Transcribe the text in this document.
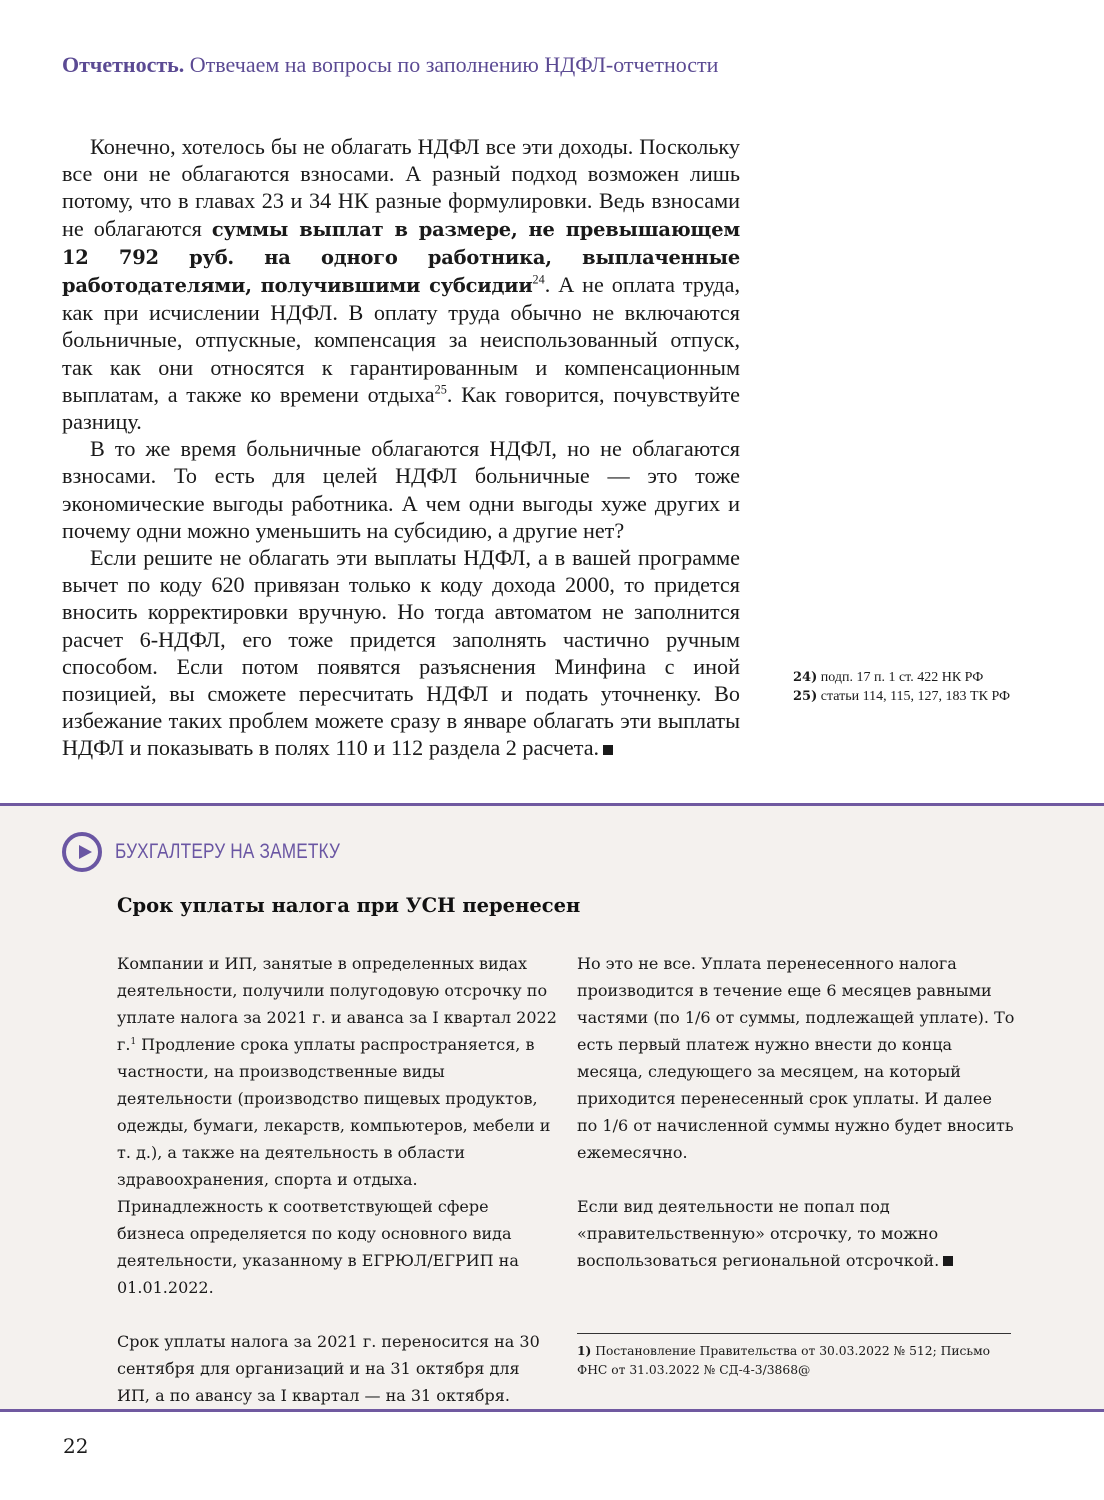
Отчетность. Отвечаем на вопросы по заполнению НДФЛ-отчетности

Конечно, хотелось бы не облагать НДФЛ все эти доходы. Поскольку все они не облагаются взносами. А разный подход возможен лишь потому, что в главах 23 и 34 НК разные формулировки. Ведь взносами не облагаются суммы выплат в размере, не превышающем 12 792 руб. на одного работника, выплаченные работодателями, получившими субсидии$^{24}$. А не оплата труда, как при исчислении НДФЛ. В оплату труда обычно не включаются больничные, отпускные, компенсация за неиспользованный отпуск, так как они относятся к гарантированным и компенсационным выплатам, а также ко времени отдыха$^{25}$. Как говорится, почувствуйте разницу.

В то же время больничные облагаются НДФЛ, но не облагаются взносами. То есть для целей НДФЛ больничные — это тоже экономические выгоды работника. А чем одни выгоды хуже других и почему одни можно уменьшить на субсидию, а другие нет?

Если решите не облагать эти выплаты НДФЛ, а в вашей программе вычет по коду 620 привязан только к коду дохода 2000, то придется вносить корректировки вручную. Но тогда автоматом не заполнится расчет 6-НДФЛ, его тоже придется заполнять частично ручным способом. Если потом появятся разъяснения Минфина с иной позицией, вы сможете пересчитать НДФЛ и подать уточненку. Во избежание таких проблем можете сразу в январе облагать эти выплаты НДФЛ и показывать в полях 110 и 112 раздела 2 расчета.

24) подп. 17 п. 1 ст. 422 НК РФ
25) статьи 114, 115, 127, 183 ТК РФ
БУХГАЛТЕРУ НА ЗАМЕТКУ
Срок уплаты налога при УСН перенесен

Компании и ИП, занятые в определенных видах деятельности, получили полугодовую отсрочку по уплате налога за 2021 г. и аванса за I квартал 2022 г.$^1$ Продление срока уплаты распространяется, в частности, на производственные виды деятельности (производство пищевых продуктов, одежды, бумаги, лекарств, компьютеров, мебели и т. д.), а также на деятельность в области здравоохранения, спорта и отдыха. Принадлежность к соответствующей сфере бизнеса определяется по коду основного вида деятельности, указанному в ЕГРЮЛ/ЕГРИП на 01.01.2022.

Срок уплаты налога за 2021 г. переносится на 30 сентября для организаций и на 31 октября для ИП, а по авансу за I квартал — на 31 октября.

Но это не все. Уплата перенесенного налога производится в течение еще 6 месяцев равными частями (по 1/6 от суммы, подлежащей уплате). То есть первый платеж нужно внести до конца месяца, следующего за месяцем, на который приходится перенесенный срок уплаты. И далее по 1/6 от начисленной суммы нужно будет вносить ежемесячно.

Если вид деятельности не попал под «правительственную» отсрочку, то можно воспользоваться региональной отсрочкой.

1) Постановление Правительства от 30.03.2022 № 512; Письмо ФНС от 31.03.2022 № СД-4-3/3868@
22
